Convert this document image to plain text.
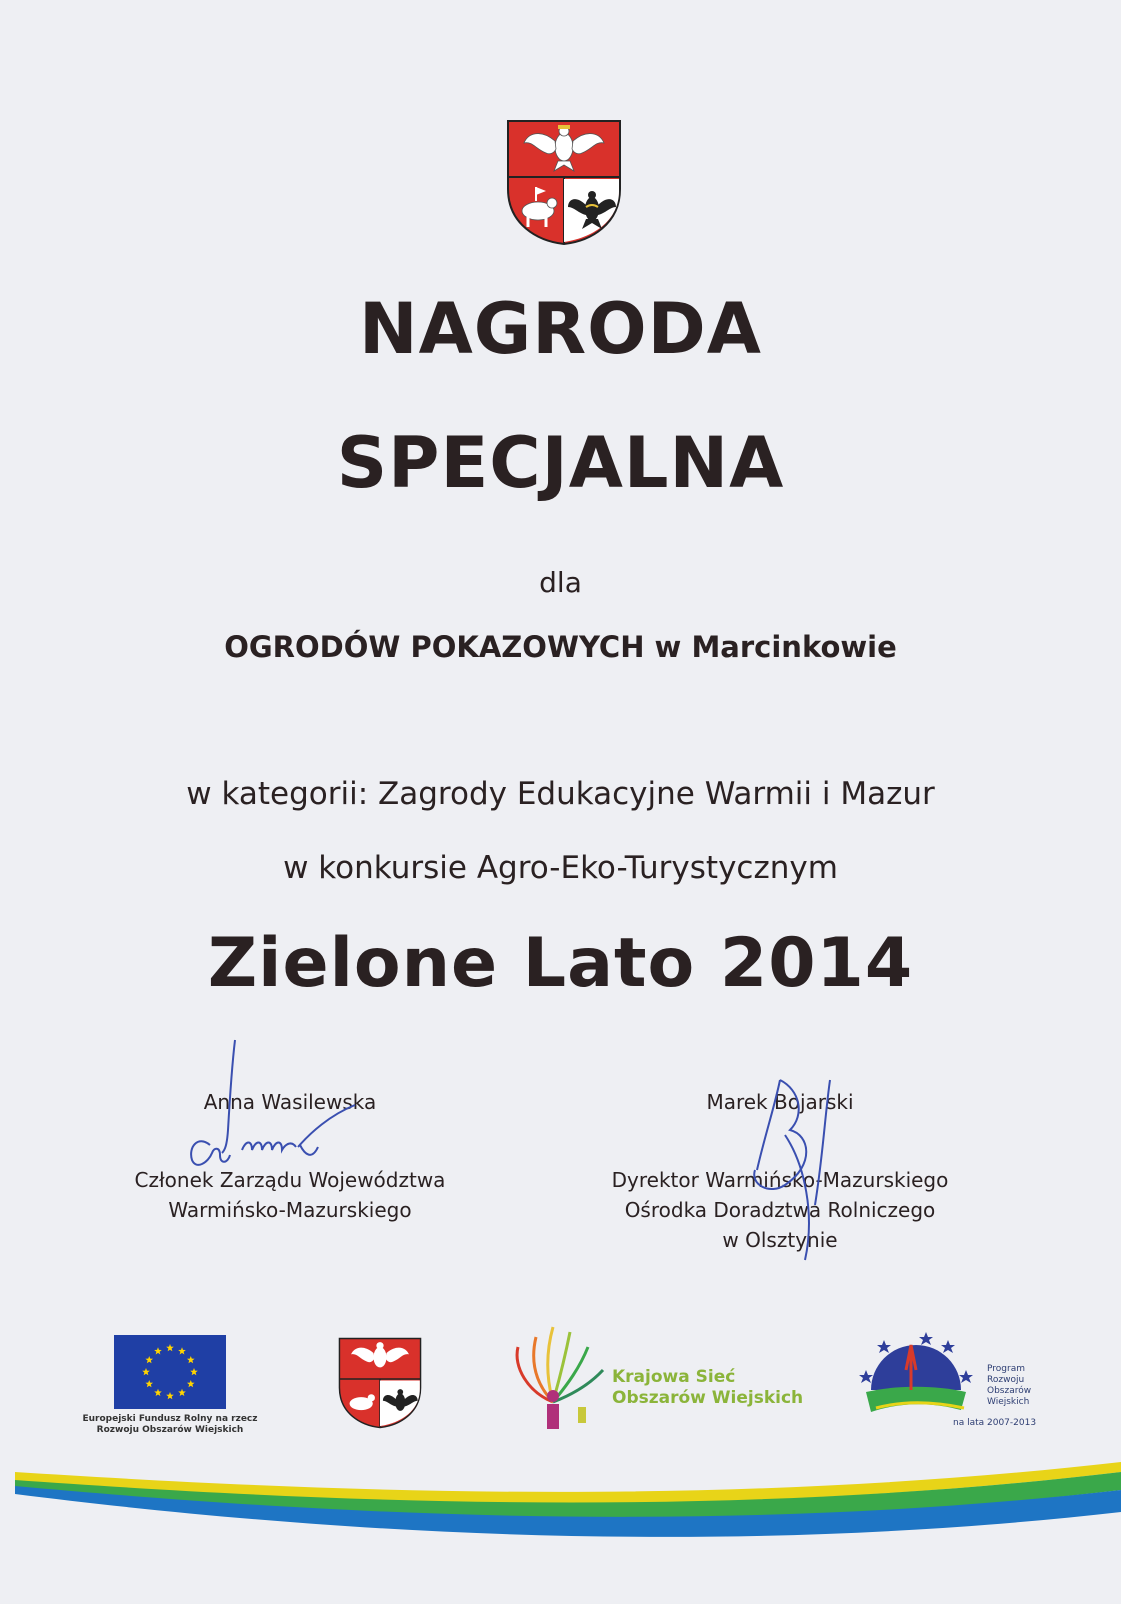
NAGRODA
SPECJALNA
dla
OGRODÓW POKAZOWYCH w Marcinkowie
w kategorii: Zagrody Edukacyjne Warmii i Mazur
w konkursie Agro-Eko-Turystycznym
Zielone Lato 2014
Anna Wasilewska
Członek Zarządu Województwa
Warmińsko-Mazurskiego
Marek Bojarski
Dyrektor Warmińsko-Mazurskiego
Ośrodka Doradztwa Rolniczego
w Olsztynie
Europejski Fundusz Rolny na rzecz
Rozwoju Obszarów Wiejskich
Krajowa Sieć
Obszarów Wiejskich
Program
Rozwoju
Obszarów
Wiejskich
na lata 2007-2013
